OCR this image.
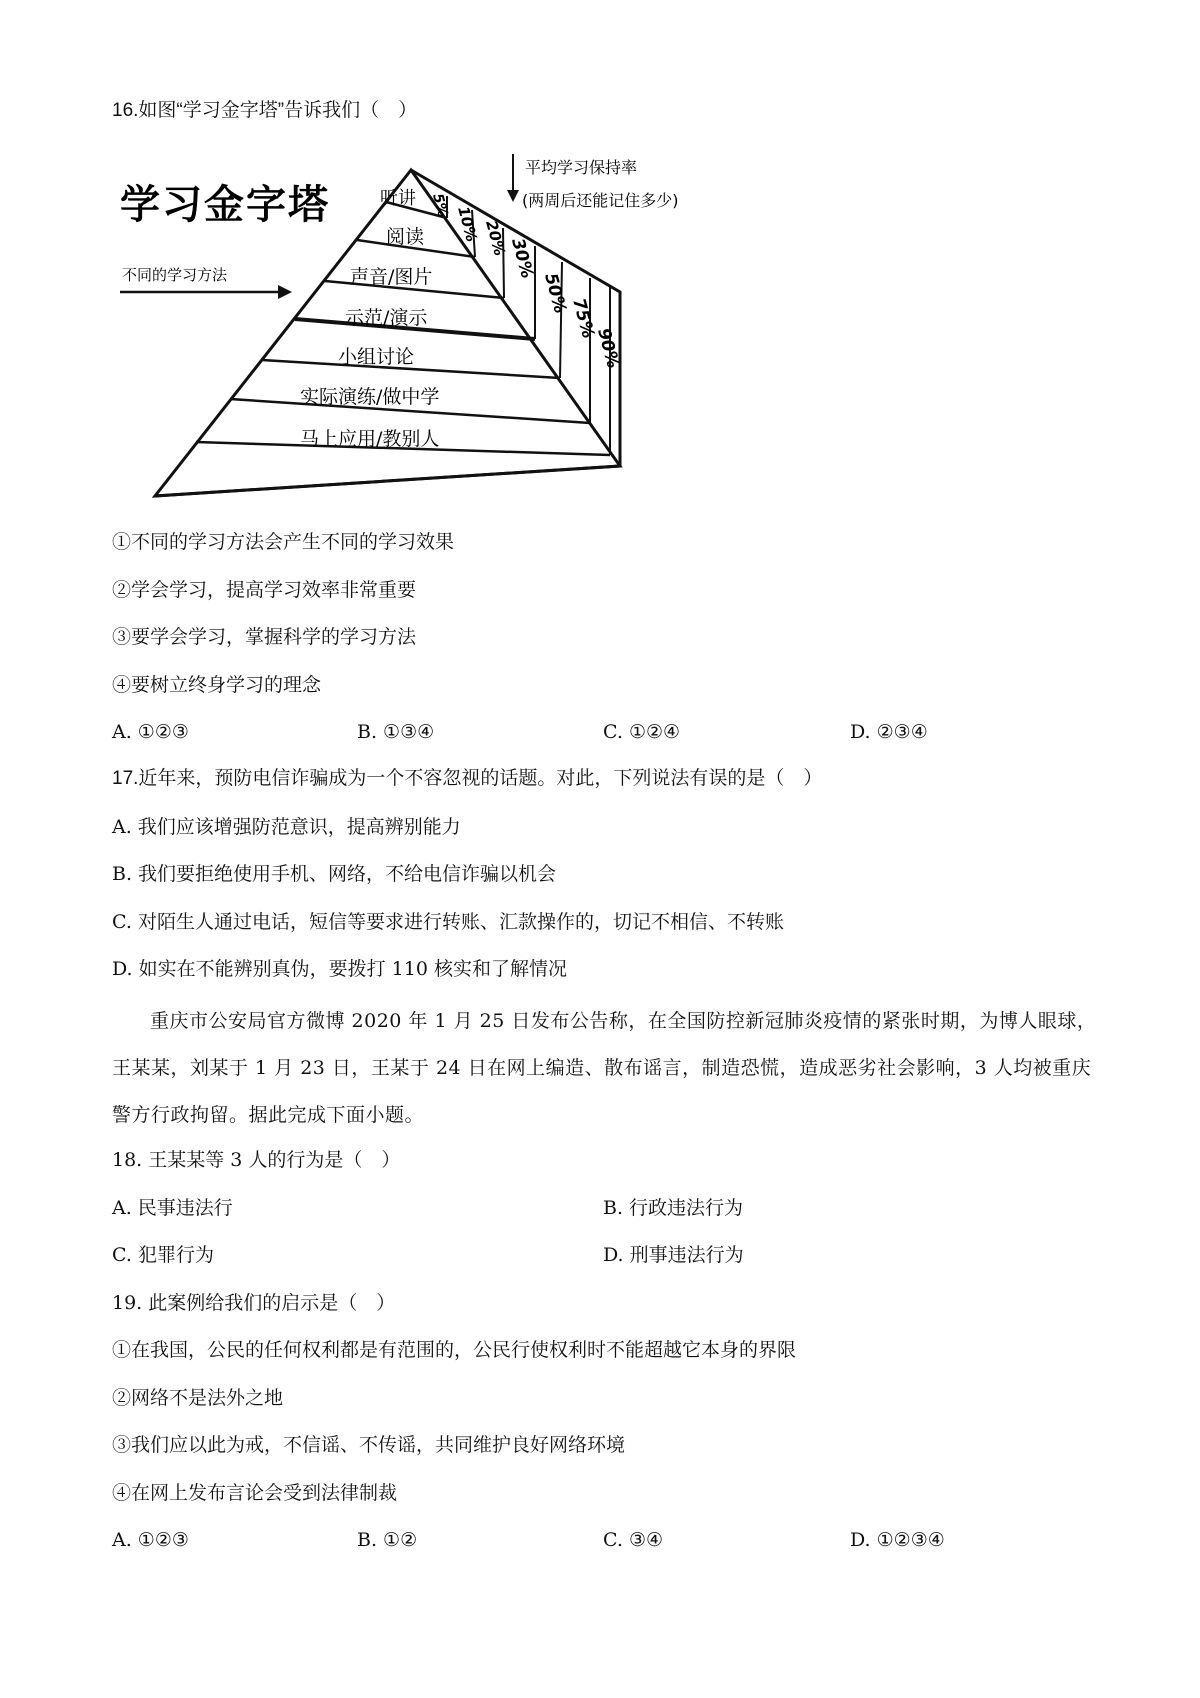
16.如图“学习金字塔”告诉我们（　）
学习金字塔
不同的学习方法
平均学习保持率
(两周后还能记住多少)
听讲
阅读
声音/图片
示范/演示
小组讨论
实际演练/做中学
马上应用/教别人
5% 10% 20%
30%
50%
75%
90%
①不同的学习方法会产生不同的学习效果
②学会学习，提高学习效率非常重要
③要学会学习，掌握科学的学习方法
④要树立终身学习的理念
A. ①②③	B. ①③④	C. ①②④	D. ②③④
17.近年来，预防电信诈骗成为一个不容忽视的话题。对此，下列说法有误的是（　）
A. 我们应该增强防范意识，提高辨别能力
B. 我们要拒绝使用手机、网络，不给电信诈骗以机会
C. 对陌生人通过电话，短信等要求进行转账、汇款操作的，切记不相信、不转账
D. 如实在不能辨别真伪，要拨打 110 核实和了解情况
重庆市公安局官方微博 2020 年 1 月 25 日发布公告称，在全国防控新冠肺炎疫情的紧张时期，为博人眼球，王某某，刘某于 1 月 23 日，王某于 24 日在网上编造、散布谣言，制造恐慌，造成恶劣社会影响，3 人均被重庆警方行政拘留。据此完成下面小题。
18. 王某某等 3 人的行为是（　）
A. 民事违法行	B. 行政违法行为
C. 犯罪行为	D. 刑事违法行为
19. 此案例给我们的启示是（　）
①在我国，公民的任何权利都是有范围的，公民行使权利时不能超越它本身的界限
②网络不是法外之地
③我们应以此为戒，不信谣、不传谣，共同维护良好网络环境
④在网上发布言论会受到法律制裁
A. ①②③	B. ①②	C. ③④	D. ①②③④
